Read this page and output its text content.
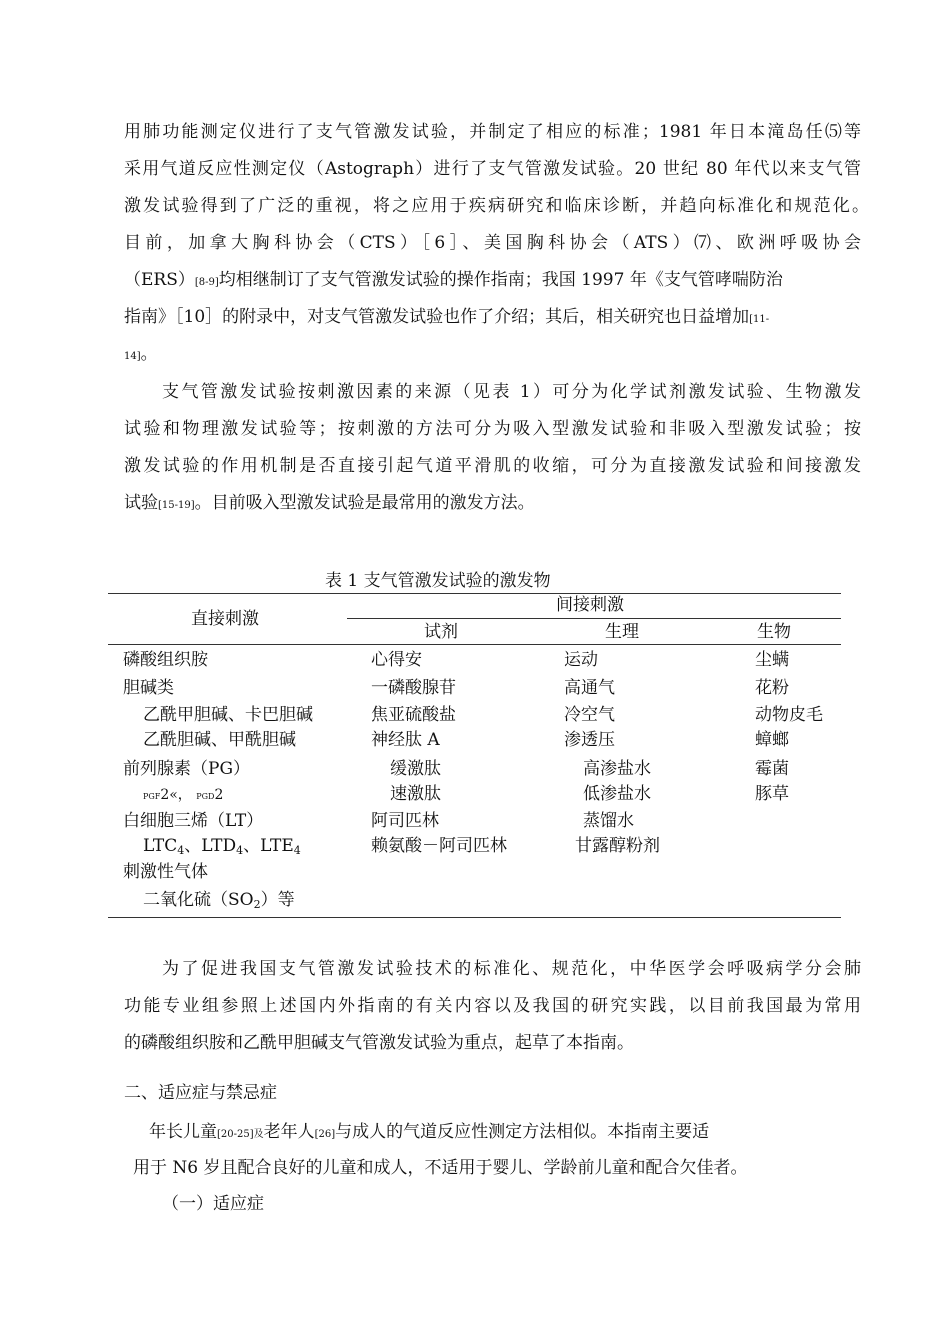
用肺功能测定仪进行了支气管激发试验，并制定了相应的标准；1981 年日本滝岛任⑸等
采用气道反应性测定仪（Astograph）进行了支气管激发试验。20 世纪 80 年代以来支气管
激发试验得到了广泛的重视，将之应用于疾病研究和临床诊断，并趋向标准化和规范化。
目前，加拿大胸科协会（CTS）［6］、美国胸科协会（ATS）⑺、欧洲呼吸协会
（ERS）[8-9]均相继制订了支气管激发试验的操作指南；我国 1997 年《支气管哮喘防治
指南》［10］的附录中，对支气管激发试验也作了介绍；其后，相关研究也日益增加[11-
14]。
支气管激发试验按刺激因素的来源（见表 1）可分为化学试剂激发试验、生物激发
试验和物理激发试验等；按刺激的方法可分为吸入型激发试验和非吸入型激发试验；按
激发试验的作用机制是否直接引起气道平滑肌的收缩，可分为直接激发试验和间接激发
试验[15-19]。目前吸入型激发试验是最常用的激发方法。
表 1 支气管激发试验的激发物
直接刺激
间接刺激
试剂	生理	生物
磷酸组织胺
胆碱类
乙酰甲胆碱、卡巴胆碱
乙酰胆碱、甲酰胆碱
前列腺素（PG）
PGF2«， PGD2
白细胞三烯（LT）
$LTC_4$、$LTD_4$、$LTE_4$
刺激性气体
二氧化硫$(SO_2)$等
心得安
一磷酸腺苷
焦亚硫酸盐
神经肽 A
缓激肽
速激肽
阿司匹林
赖氨酸－阿司匹林
运动
高通气
冷空气
渗透压
高渗盐水
低渗盐水
蒸馏水
甘露醇粉剂
尘螨
花粉
动物皮毛
蟑螂
霉菌
豚草
为了促进我国支气管激发试验技术的标准化、规范化，中华医学会呼吸病学分会肺
功能专业组参照上述国内外指南的有关内容以及我国的研究实践，以目前我国最为常用
的磷酸组织胺和乙酰甲胆碱支气管激发试验为重点，起草了本指南。
二、适应症与禁忌症
年长儿童[20-25]及老年人[26]与成人的气道反应性测定方法相似。本指南主要适
用于 N6 岁且配合良好的儿童和成人，不适用于婴儿、学龄前儿童和配合欠佳者。
（一）适应症
